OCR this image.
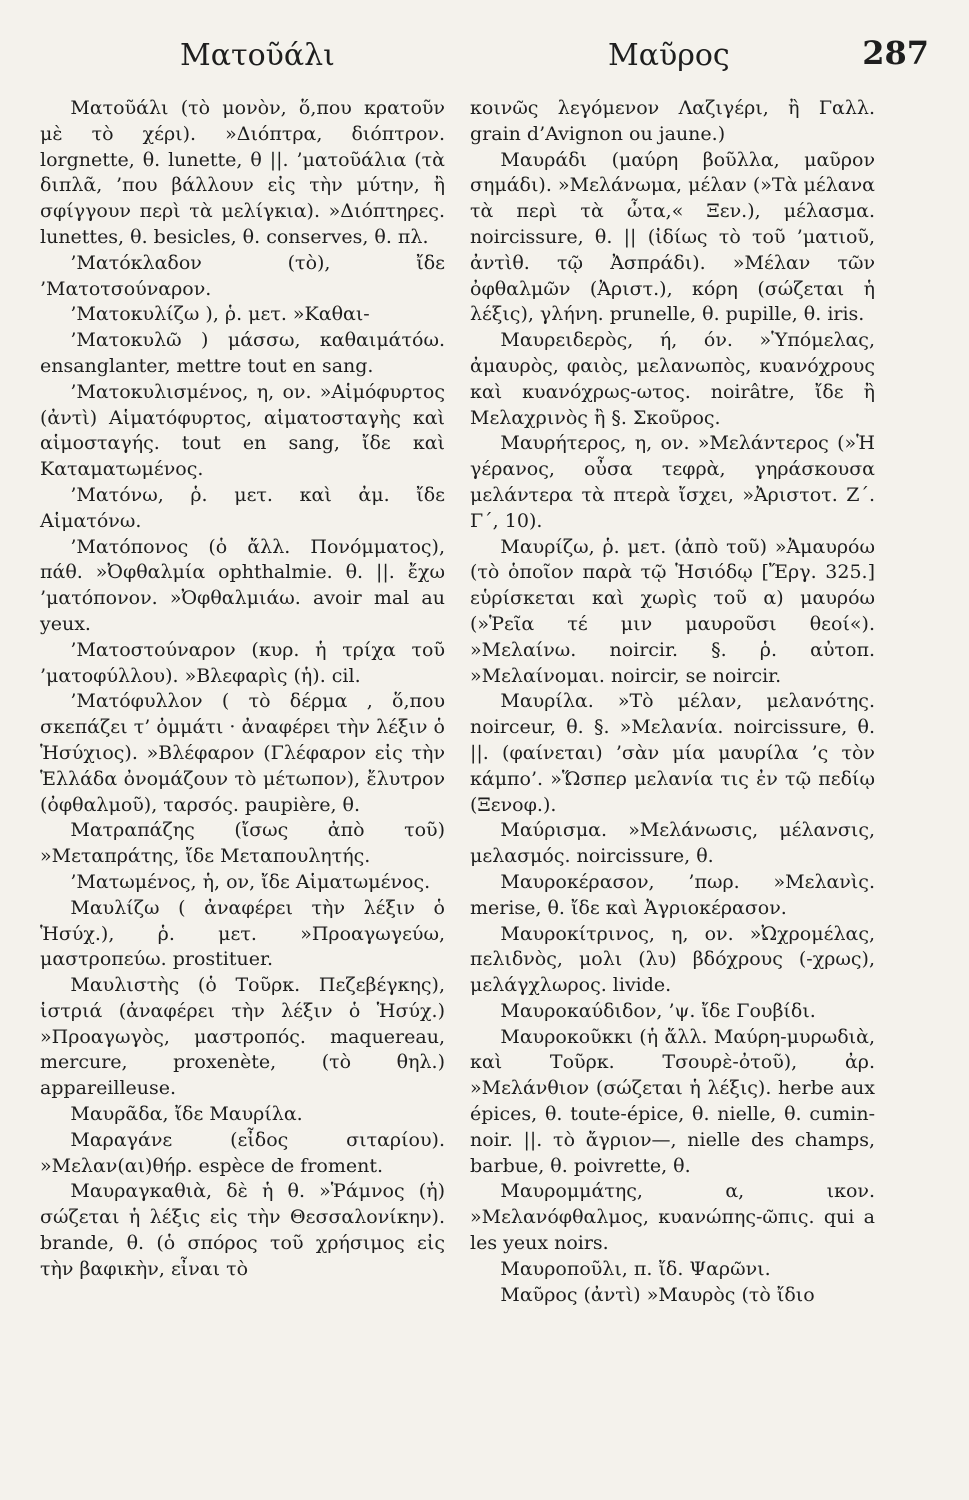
Ματοῦάλι	Μαῦρος	287

Ματοῦάλι (τὸ μονὸν, ὅ,που κρατοῦν μὲ τὸ χέρι). »Διόπτρα, διόπτρον. lorgnette, θ. lunette, θ ||. ’ματοῦάλια (τὰ διπλᾶ, ’που βάλλουν εἰς τὴν μύτην, ἢ σφίγγουν περὶ τὰ μελίγκια). »Διόπτηρες. lunettes, θ. besicles, θ. conserves, θ. πλ.

’Ματόκλαδον (τὸ), ἴδε ’Ματοτσούναρον.

’Ματοκυλίζω ), ῥ. μετ. »Καθαι-

’Ματοκυλῶ ) μάσσω, καθαιμάτόω. ensanglanter, mettre tout en sang.

’Ματοκυλισμένος, η, ον. »Αἱμόφυρτος (ἀντὶ) Αἱματόφυρτος, αἱματοσταγὴς καὶ αἱμοσταγής. tout en sang, ἴδε καὶ Καταματωμένος.

’Ματόνω, ῥ. μετ. καὶ ἀμ. ἴδε Αἱματόνω.

’Ματόπονος (ὁ ἄλλ. Πονόμματος), πάθ. »Ὀφθαλμία ophthalmie. θ. ||. ἔχω ’ματόπονον. »Ὀφθαλμιάω. avoir mal au yeux.

’Ματοστούναρον (κυρ. ἡ τρίχα τοῦ ’ματοφύλλου). »Βλεφαρὶς (ἡ). cil.

’Ματόφυλλον ( τὸ δέρμα , ὅ,που σκεπάζει τ’ ὀμμάτι · ἀναφέρει τὴν λέξιν ὁ Ἡσύχιος). »Βλέφαρον (Γλέφαρον εἰς τὴν Ἑλλάδα ὀνομάζουν τὸ μέτωπον), ἔλυτρον (ὀφθαλμοῦ), ταρσός. paupière, θ.

Ματραπάζης (ἴσως ἀπὸ τοῦ) »Μεταπράτης, ἴδε Μεταπουλητής.

’Ματωμένος, ἡ, ον, ἴδε Αἱματωμένος.

Μαυλίζω ( ἀναφέρει τὴν λέξιν ὁ Ἡσύχ.), ῥ. μετ. »Προαγωγεύω, μαστροπεύω. prostituer.

Μαυλιστὴς (ὁ Τοῦρκ. Πεζεβέγκης), ἱστριά (ἀναφέρει τὴν λέξιν ὁ Ἡσύχ.) »Προαγωγὸς, μαστροπός. maquereau, mercure, proxenète, (τὸ θηλ.) appareilleuse.

Μαυρᾶδα, ἴδε Μαυρίλα.

Μαραγάνε (εἶδος σιταρίου). »Μελαν(αι)θήρ. espèce de froment.

Μαυραγκαθιὰ, δὲ ἡ θ. »Ῥάμνος (ἡ) σώζεται ἡ λέξις εἰς τὴν Θεσσαλονίκην). brande, θ. (ὁ σπόρος τοῦ χρήσιμος εἰς τὴν βαφικὴν, εἶναι τὸ

κοινῶς λεγόμενον Λαζιγέρι, ἢ Γαλλ. grain d’Avignon ou jaune.)

Μαυράδι (μαύρη βοῦλλα, μαῦρον σημάδι). »Μελάνωμα, μέλαν (»Τὰ μέλανα τὰ περὶ τὰ ὦτα,« Ξεν.), μέλασμα. noircissure, θ. || (ἰδίως τὸ τοῦ ’ματιοῦ, ἀντὶθ. τῷ Ἀσπράδι). »Μέλαν τῶν ὀφθαλμῶν (Ἀριστ.), κόρη (σώζεται ἡ λέξις), γλήνη. prunelle, θ. pupille, θ. iris.

Μαυρειδερὸς, ή, όν. »Ὑπόμελας, ἀμαυρὸς, φαιὸς, μελανωπὸς, κυανόχρους καὶ κυανόχρως-ωτος. noirâtre, ἴδε ἢ Μελαχρινὸς ἢ §. Σκοῦρος.

Μαυρήτερος, η, ον. »Μελάντερος (»Ἡ γέρανος, οὖσα τεφρὰ, γηράσκουσα μελάντερα τὰ πτερὰ ἴσχει, »Ἀριστοτ. Ζ΄. Γ΄, 10).

Μαυρίζω, ῥ. μετ. (ἀπὸ τοῦ) »Ἀμαυρόω (τὸ ὁποῖον παρὰ τῷ Ἡσιόδῳ [Ἔργ. 325.] εὑρίσκεται καὶ χωρὶς τοῦ α) μαυρόω (»Ῥεῖα τέ μιν μαυροῦσι θεοί«). »Μελαίνω. noircir. §. ῥ. αὐτοπ. »Μελαίνομαι. noircir, se noircir.

Μαυρίλα. »Τὸ μέλαν, μελανότης. noirceur, θ. §. »Μελανία. noircissure, θ. ||. (φαίνεται) ’σὰν μία μαυρίλα ’ς τὸν κάμπο’. »Ὥσπερ μελανία τις ἐν τῷ πεδίῳ (Ξενοφ.).

Μαύρισμα. »Μελάνωσις, μέλανσις, μελασμός. noircissure, θ.

Μαυροκέρασον, ’πωρ. »Μελανὶς. merise, θ. ἴδε καὶ Ἀγριοκέρασον.

Μαυροκίτρινος, η, ον. »Ὠχρομέλας, πελιδνὸς, μολι (λυ) βδόχρους (-χρως), μελάγχλωρος. livide.

Μαυροκαύδιδον, ’ψ. ἴδε Γουβίδι.

Μαυροκοῦκκι (ἡ ἄλλ. Μαύρη-μυρωδιὰ, καὶ Τοῦρκ. Τσουρὲ-ὀτοῦ), ἀρ. »Μελάνθιον (σώζεται ἡ λέξις). herbe aux épices, θ. toute-épice, θ. nielle, θ. cumin-noir. ||. τὸ ἄγριον—, nielle des champs, barbue, θ. poivrette, θ.

Μαυρομμάτης, α, ικον. »Μελανόφθαλμος, κυανώπης-ῶπις. qui a les yeux noirs.

Μαυροποῦλι, π. ἴδ. Ψαρῶνι.

Μαῦρος (ἀντὶ) »Μαυρὸς (τὸ ἴδιο
